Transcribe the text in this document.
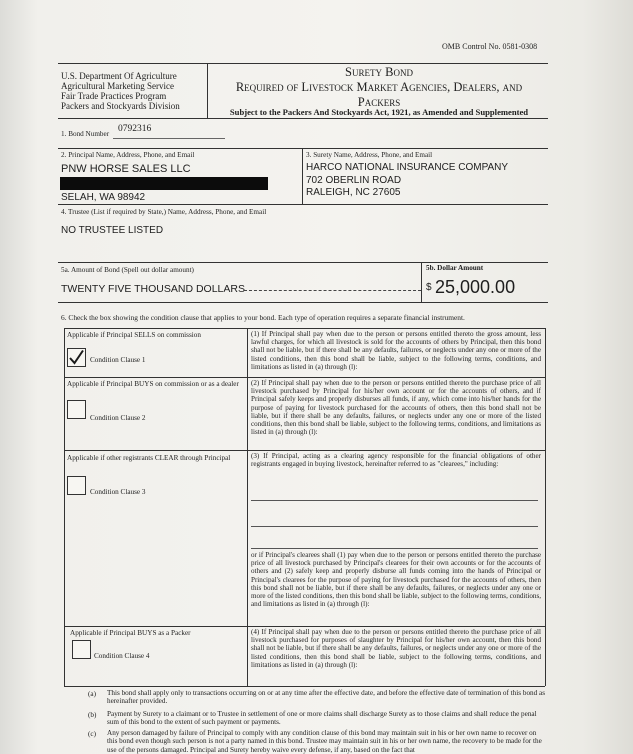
OMB Control No. 0581-0308
U.S. Department Of Agriculture
Agricultural Marketing Service
Fair Trade Practices Program
Packers and Stockyards Division
Surety Bond
Required of Livestock Market Agencies, Dealers, and
Packers
Subject to the Packers And Stockyards Act, 1921, as Amended and Supplemented
1. Bond Number 0792316
2. Principal Name, Address, Phone, and Email
PNW HORSE SALES LLC
SELAH, WA 98942
3. Surety Name, Address, Phone, and Email
HARCO NATIONAL INSURANCE COMPANY
702 OBERLIN ROAD
RALEIGH, NC 27605
4. Trustee (List if required by State,) Name, Address, Phone, and Email
NO TRUSTEE LISTED
5a. Amount of Bond (Spell out dollar amount)
TWENTY FIVE THOUSAND DOLLARS
5b. Dollar Amount
$ 25,000.00
6. Check the box showing the condition clause that applies to your bond. Each type of operation requires a separate financial instrument.
Applicable if Principal SELLS on commission
Condition Clause 1
(1) If Principal shall pay when due to the person or persons entitled thereto the gross amount, less lawful charges, for which all livestock is sold for the accounts of others by Principal, then this bond shall not be liable, but if there shall be any defaults, failures, or neglects under any one or more of the listed conditions, then this bond shall be liable, subject to the following terms, conditions, and limitations as listed in (a) through (l):
Applicable if Principal BUYS on commission or as a dealer
Condition Clause 2
(2) If Principal shall pay when due to the person or persons entitled thereto the purchase price of all livestock purchased by Principal for his/her own account or for the accounts of others, and if Principal safely keeps and properly disburses all funds, if any, which come into his/her hands for the purpose of paying for livestock purchased for the accounts of others, then this bond shall not be liable, but if there shall be any defaults, failures, or neglects under any one or more of the listed conditions, then this bond shall be liable, subject to the following terms, conditions, and limitations as listed in (a) through (l):
Applicable if other registrants CLEAR through Principal
Condition Clause 3
(3) If Principal, acting as a clearing agency responsible for the financial obligations of other registrants engaged in buying livestock, hereinafter referred to as "clearees," including:
or if Principal's clearees shall (1) pay when due to the person or persons entitled thereto the purchase price of all livestock purchased by Principal's clearees for their own accounts or for the accounts of others and (2) safely keep and properly disburse all funds coming into the hands of Principal or Principal's clearees for the purpose of paying for livestock purchased for the accounts of others, then this bond shall not be liable, but if there shall be any defaults, failures, or neglects under any one or more of the listed conditions, then this bond shall be liable, subject to the following terms, conditions, and limitations as listed in (a) through (l):
Applicable if Principal BUYS as a Packer
Condition Clause 4
(4) If Principal shall pay when due to the person or persons entitled thereto the purchase price of all livestock purchased for purposes of slaughter by Principal for his/her own account, then this bond shall not be liable, but if there shall be any defaults, failures, or neglects under any one or more of the listed conditions, then this bond shall be liable, subject to the following terms, conditions, and limitations as listed in (a) through (l):
(a) This bond shall apply only to transactions occurring on or at any time after the effective date, and before the effective date of termination of this bond as hereinafter provided.
(b) Payment by Surety to a claimant or to Trustee in settlement of one or more claims shall discharge Surety as to those claims and shall reduce the penal sum of this bond to the extent of such payment or payments.
(c) Any person damaged by failure of Principal to comply with any condition clause of this bond may maintain suit in his or her own name to recover on this bond even though such person is not a party named in this bond. Trustee may maintain suit in his or her own name, the recovery to be made for the use of the persons damaged. Principal and Surety hereby waive every defense, if any, based on the fact that
